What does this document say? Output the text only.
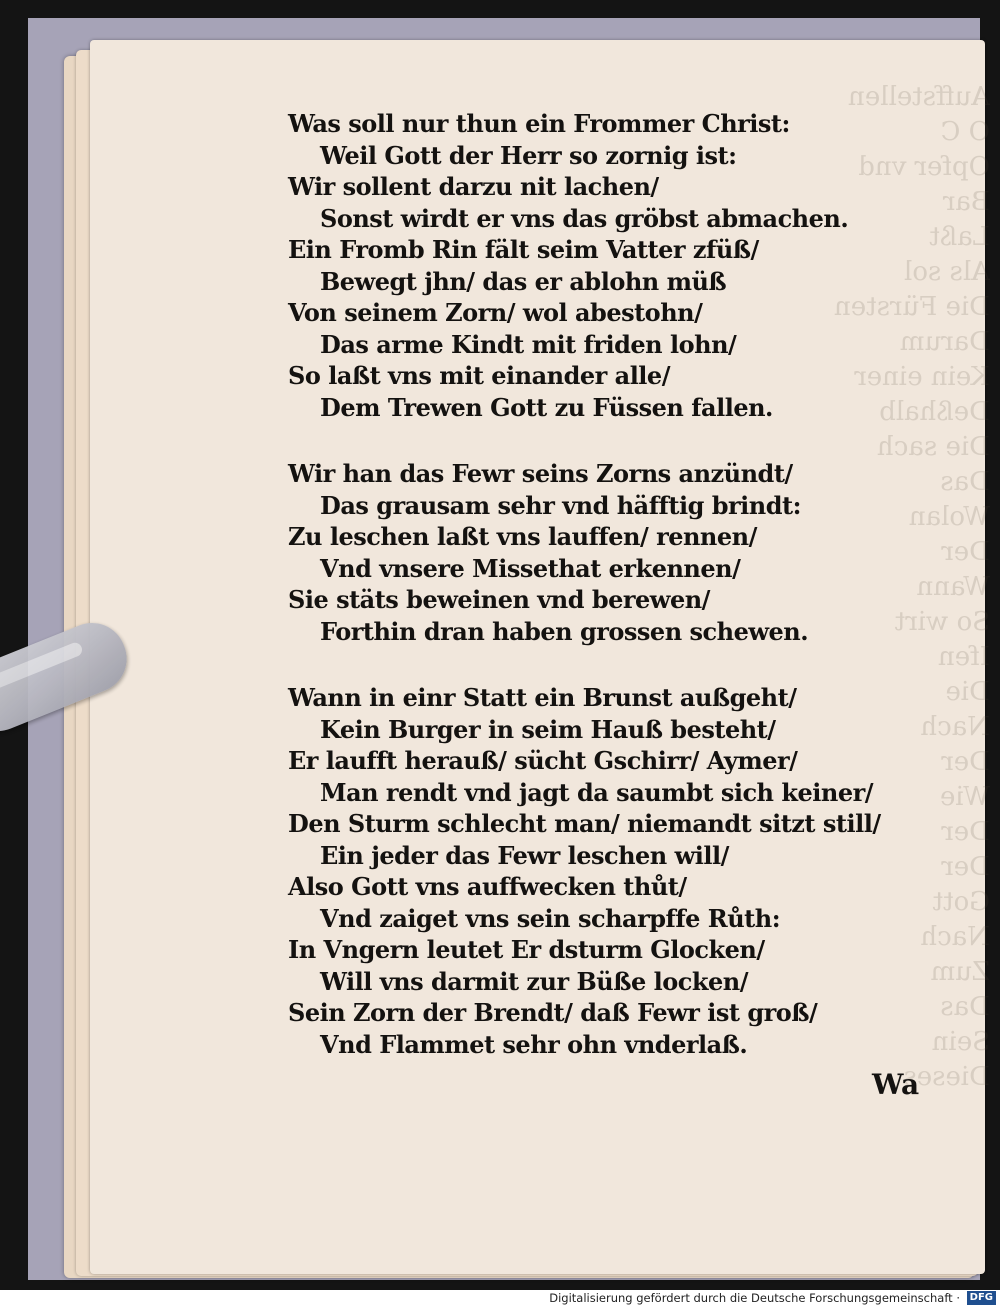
Auffstellen
O C
Opfer vnd
Bar
Laßt
Als sol
Die Fürsten
Darum
Kein einer
Deßhalb
Die sach
Das
Wolan
Der
Wann
So wirt
Ifen
Die
Nach
Der
Wie
Der
Der
Gott
Nach
Zum
Das
Sein
Dieses
Was soll nur thun ein Frommer Christ:
Weil Gott der Herr so zornig ist:
Wir sollent darzu nit lachen/
Sonst wirdt er vns das gröbst abmachen.
Ein Fromb Rin fält seim Vatter zfüß/
Bewegt jhn/ das er ablohn müß
Von seinem Zorn/ wol abestohn/
Das arme Kindt mit friden lohn/
So laßt vns mit einander alle/
Dem Trewen Gott zu Füssen fallen.
Wir han das Fewr seins Zorns anzündt/
Das grausam sehr vnd häfftig brindt:
Zu leschen laßt vns lauffen/ rennen/
Vnd vnsere Missethat erkennen/
Sie stäts beweinen vnd berewen/
Forthin dran haben grossen schewen.
Wann in einr Statt ein Brunst außgeht/
Kein Burger in seim Hauß besteht/
Er laufft herauß/ sücht Gschirr/ Aymer/
Man rendt vnd jagt da saumbt sich keiner/
Den Sturm schlecht man/ niemandt sitzt still/
Ein jeder das Fewr leschen will/
Also Gott vns auffwecken thůt/
Vnd zaiget vns sein scharpffe Růth:
In Vngern leutet Er dsturm Glocken/
Will vns darmit zur Büße locken/
Sein Zorn der Brendt/ daß Fewr ist groß/
Vnd Flammet sehr ohn vnderlaß.
Wa
Digitalisierung gefördert durch die Deutsche Forschungsgemeinschaft · DFG
